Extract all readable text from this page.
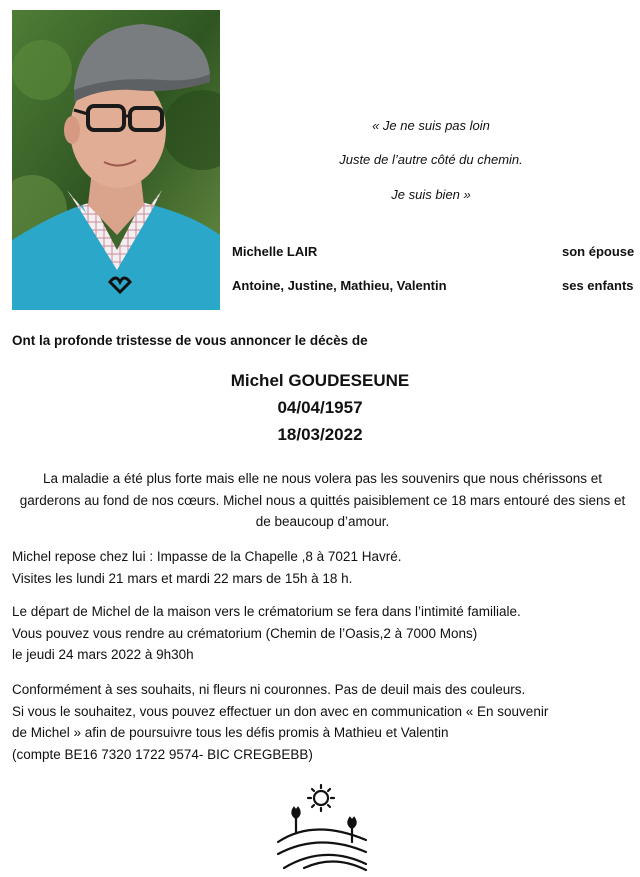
« Je ne suis pas loin
Juste de l’autre côté du chemin.
Je suis bien »
Michelle LAIR	son épouse
Antoine, Justine, Mathieu, Valentin	ses enfants
Ont la profonde tristesse de vous annoncer le décès de
Michel GOUDESEUNE
04/04/1957
18/03/2022
La maladie a été plus forte mais elle ne nous volera pas les souvenirs que nous chérissons et
garderons au fond de nos cœurs. Michel nous a quittés paisiblement ce 18 mars entouré des siens et
de beaucoup d’amour.
Michel repose chez lui : Impasse de la Chapelle ,8 à 7021 Havré.
Visites les lundi 21 mars et mardi 22 mars de 15h à 18 h.
Le départ de Michel de la maison vers le crématorium se fera dans l’intimité familiale.
Vous pouvez vous rendre au crématorium (Chemin de l’Oasis,2 à 7000 Mons)
le jeudi 24 mars 2022 à 9h30h
Conformément à ses souhaits, ni fleurs ni couronnes. Pas de deuil mais des couleurs.
Si vous le souhaitez, vous pouvez effectuer un don avec en communication « En souvenir
de Michel » afin de poursuivre tous les défis promis à Mathieu et Valentin
(compte BE16 7320 1722 9574- BIC CREGBEBB)
